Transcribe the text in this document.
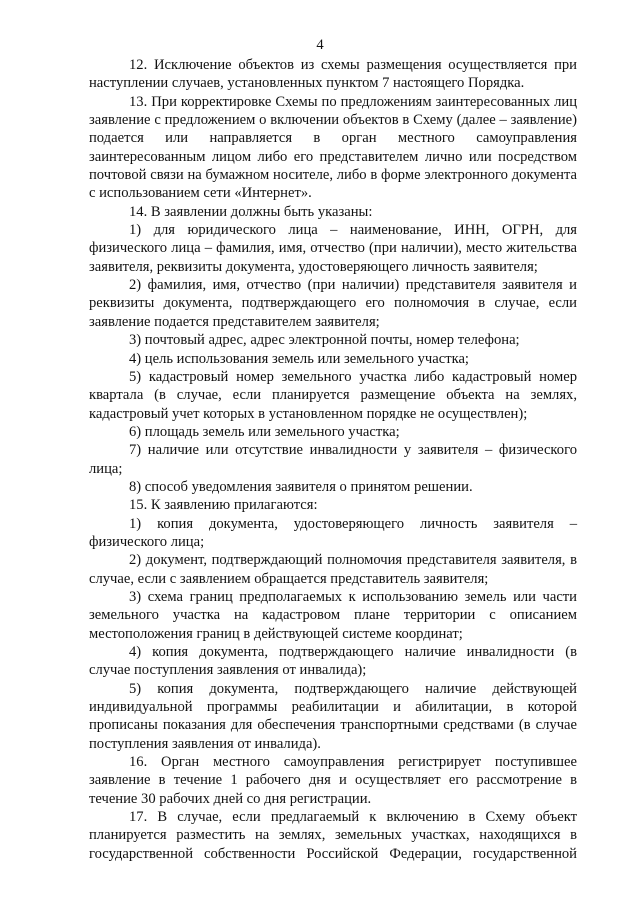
4

12. Исключение объектов из схемы размещения осуществляется при наступлении случаев, установленных пунктом 7 настоящего Порядка.

13. При корректировке Схемы по предложениям заинтересованных лиц заявление с предложением о включении объектов в Схему (далее – заявление) подается или направляется в орган местного самоуправления заинтересованным лицом либо его представителем лично или посредством почтовой связи на бумажном носителе, либо в форме электронного документа с использованием сети «Интернет».

14. В заявлении должны быть указаны:

1) для юридического лица – наименование, ИНН, ОГРН, для физического лица – фамилия, имя, отчество (при наличии), место жительства заявителя, реквизиты документа, удостоверяющего личность заявителя;

2) фамилия, имя, отчество (при наличии) представителя заявителя и реквизиты документа, подтверждающего его полномочия в случае, если заявление подается представителем заявителя;

3) почтовый адрес, адрес электронной почты, номер телефона;

4) цель использования земель или земельного участка;

5) кадастровый номер земельного участка либо кадастровый номер квартала (в случае, если планируется размещение объекта на землях, кадастровый учет которых в установленном порядке не осуществлен);

6) площадь земель или земельного участка;

7) наличие или отсутствие инвалидности у заявителя – физического лица;

8) способ уведомления заявителя о принятом решении.

15. К заявлению прилагаются:

1) копия документа, удостоверяющего личность заявителя – физического лица;

2) документ, подтверждающий полномочия представителя заявителя, в случае, если с заявлением обращается представитель заявителя;

3) схема границ предполагаемых к использованию земель или части земельного участка на кадастровом плане территории с описанием местоположения границ в действующей системе координат;

4) копия документа, подтверждающего наличие инвалидности (в случае поступления заявления от инвалида);

5) копия документа, подтверждающего наличие действующей индивидуальной программы реабилитации и абилитации, в которой прописаны показания для обеспечения транспортными средствами (в случае поступления заявления от инвалида).

16. Орган местного самоуправления регистрирует поступившее заявление в течение 1 рабочего дня и осуществляет его рассмотрение в течение 30 рабочих дней со дня регистрации.

17. В случае, если предлагаемый к включению в Схему объект планируется разместить на землях, земельных участках, находящихся в государственной собственности Российской Федерации, государственной
